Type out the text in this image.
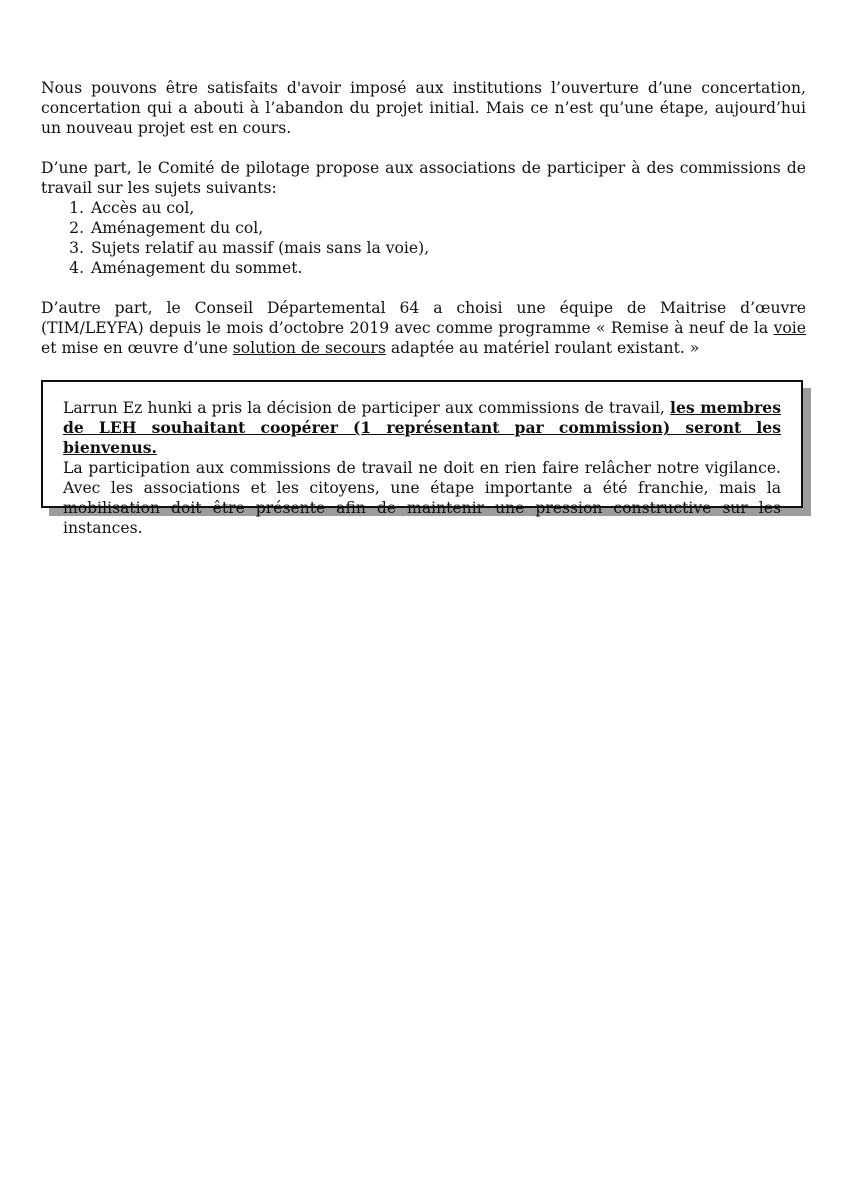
Nous pouvons être satisfaits d'avoir imposé aux institutions l’ouverture d’une concertation, concertation qui a abouti à l’abandon du projet initial. Mais ce n’est qu’une étape, aujourd’hui un nouveau projet est en cours.

D’une part, le Comité de pilotage propose aux associations de participer à des commissions de travail sur les sujets suivants:

1. Accès au col,
2. Aménagement du col,
3. Sujets relatif au massif (mais sans la voie),
4. Aménagement du sommet.

D’autre part, le Conseil Départemental 64 a choisi une équipe de Maitrise d’œuvre (TIM/LEYFA) depuis le mois d’octobre 2019 avec comme programme « Remise à neuf de la voie et mise en œuvre d’une solution de secours adaptée au matériel roulant existant. »

Larrun Ez hunki a pris la décision de participer aux commissions de travail, les membres de LEH souhaitant coopérer (1 représentant par commission) seront les bienvenus.
La participation aux commissions de travail ne doit en rien faire relâcher notre vigilance. Avec les associations et les citoyens, une étape importante a été franchie, mais la mobilisation doit être présente afin de maintenir une pression constructive sur les instances.
